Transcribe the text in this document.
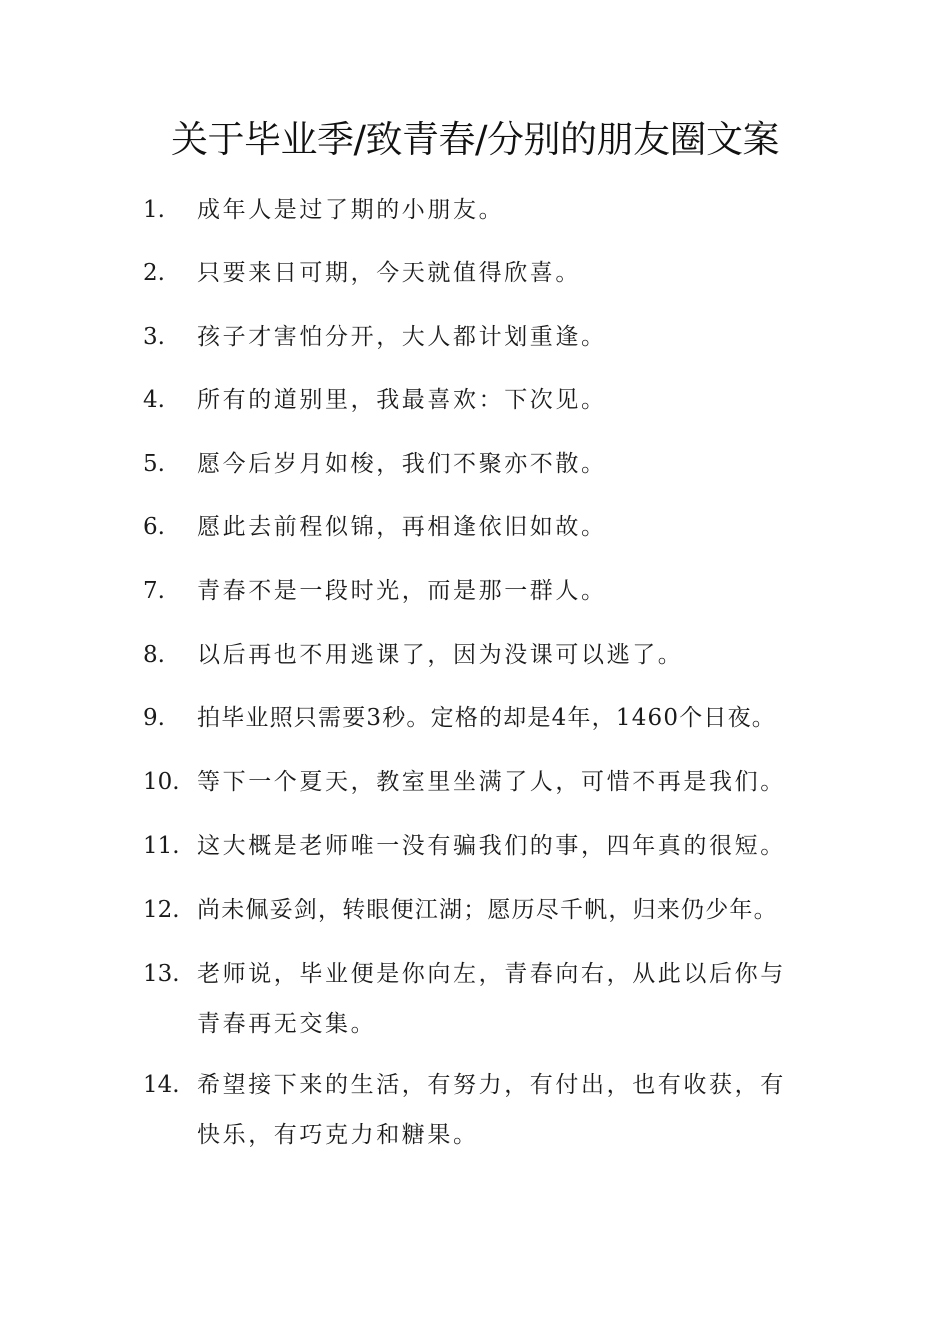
关于毕业季/致青春/分别的朋友圈文案
1.	成年人是过了期的小朋友。
2.	只要来日可期，今天就值得欣喜。
3.	孩子才害怕分开，大人都计划重逢。
4.	所有的道别里，我最喜欢：下次见。
5.	愿今后岁月如梭，我们不聚亦不散。
6.	愿此去前程似锦，再相逢依旧如故。
7.	青春不是一段时光，而是那一群人。
8.	以后再也不用逃课了，因为没课可以逃了。
9.	拍毕业照只需要3秒。定格的却是4年，1460个日夜。
10. 等下一个夏天，教室里坐满了人，可惜不再是我们。
11. 这大概是老师唯一没有骗我们的事，四年真的很短。
12. 尚未佩妥剑，转眼便江湖；愿历尽千帆，归来仍少年。
13. 老师说，毕业便是你向左，青春向右，从此以后你与青春再无交集。
14. 希望接下来的生活，有努力，有付出，也有收获，有快乐，有巧克力和糖果。
